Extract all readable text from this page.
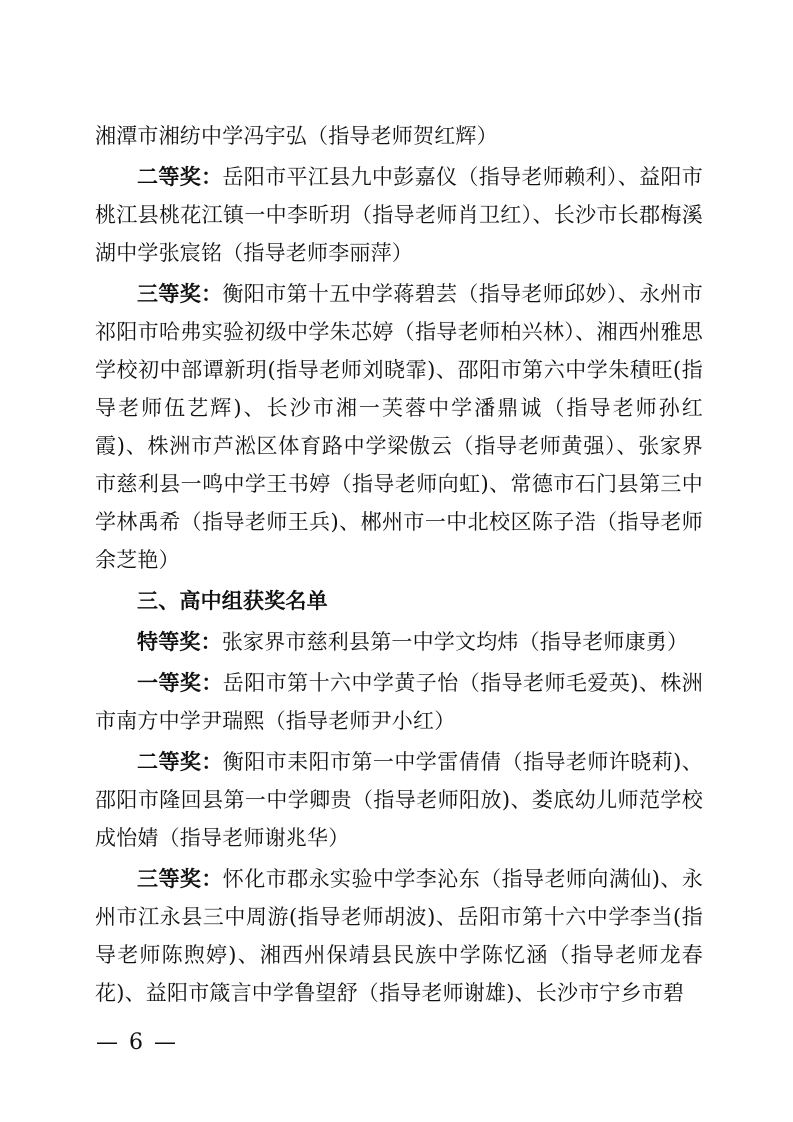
湘潭市湘纺中学冯宇弘（指导老师贺红辉）

二等奖：岳阳市平江县九中彭嘉仪（指导老师赖利）、益阳市桃江县桃花江镇一中李昕玥（指导老师肖卫红）、长沙市长郡梅溪湖中学张宸铭（指导老师李丽萍）

三等奖：衡阳市第十五中学蒋碧芸（指导老师邱妙）、永州市祁阳市哈弗实验初级中学朱芯婷（指导老师柏兴林）、湘西州雅思学校初中部谭新玥(指导老师刘晓霏)、邵阳市第六中学朱積旺(指导老师伍艺辉)、长沙市湘一芙蓉中学潘鼎诚（指导老师孙红霞)、株洲市芦淞区体育路中学梁傲云（指导老师黄强）、张家界市慈利县一鸣中学王书婷（指导老师向虹)、常德市石门县第三中学林禹希（指导老师王兵)、郴州市一中北校区陈子浩（指导老师余芝艳）

三、高中组获奖名单

特等奖：张家界市慈利县第一中学文均炜（指导老师康勇）

一等奖：岳阳市第十六中学黄子怡（指导老师毛爱英)、株洲市南方中学尹瑞熙（指导老师尹小红）

二等奖：衡阳市耒阳市第一中学雷倩倩（指导老师许晓莉)、邵阳市隆回县第一中学卿贵（指导老师阳放)、娄底幼儿师范学校成怡婧（指导老师谢兆华）

三等奖：怀化市郡永实验中学李沁东（指导老师向满仙)、永州市江永县三中周游(指导老师胡波)、岳阳市第十六中学李当(指导老师陈煦婷)、湘西州保靖县民族中学陈忆涵（指导老师龙春花)、益阳市箴言中学鲁望舒（指导老师谢雄)、长沙市宁乡市碧

— 6 —
